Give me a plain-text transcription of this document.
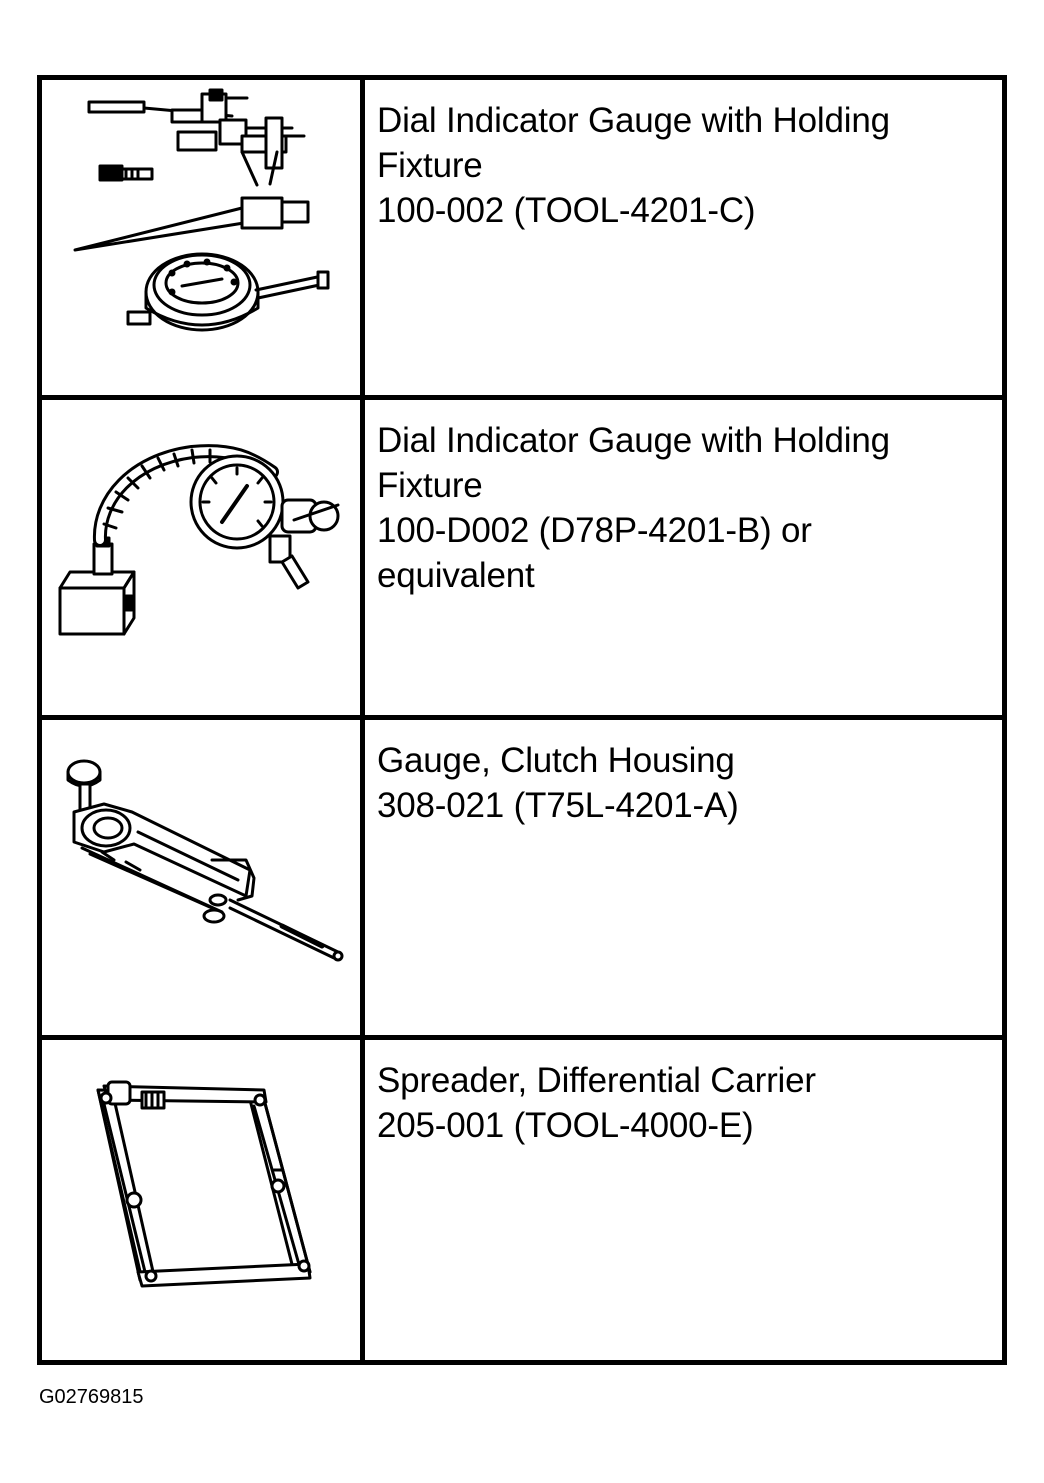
Dial Indicator Gauge with Holding
Fixture
100-002 (TOOL-4201-C)
Dial Indicator Gauge with Holding
Fixture
100-D002 (D78P-4201-B) or
equivalent
Gauge, Clutch Housing
308-021 (T75L-4201-A)
Spreader, Differential Carrier
205-001 (TOOL-4000-E)
G02769815
